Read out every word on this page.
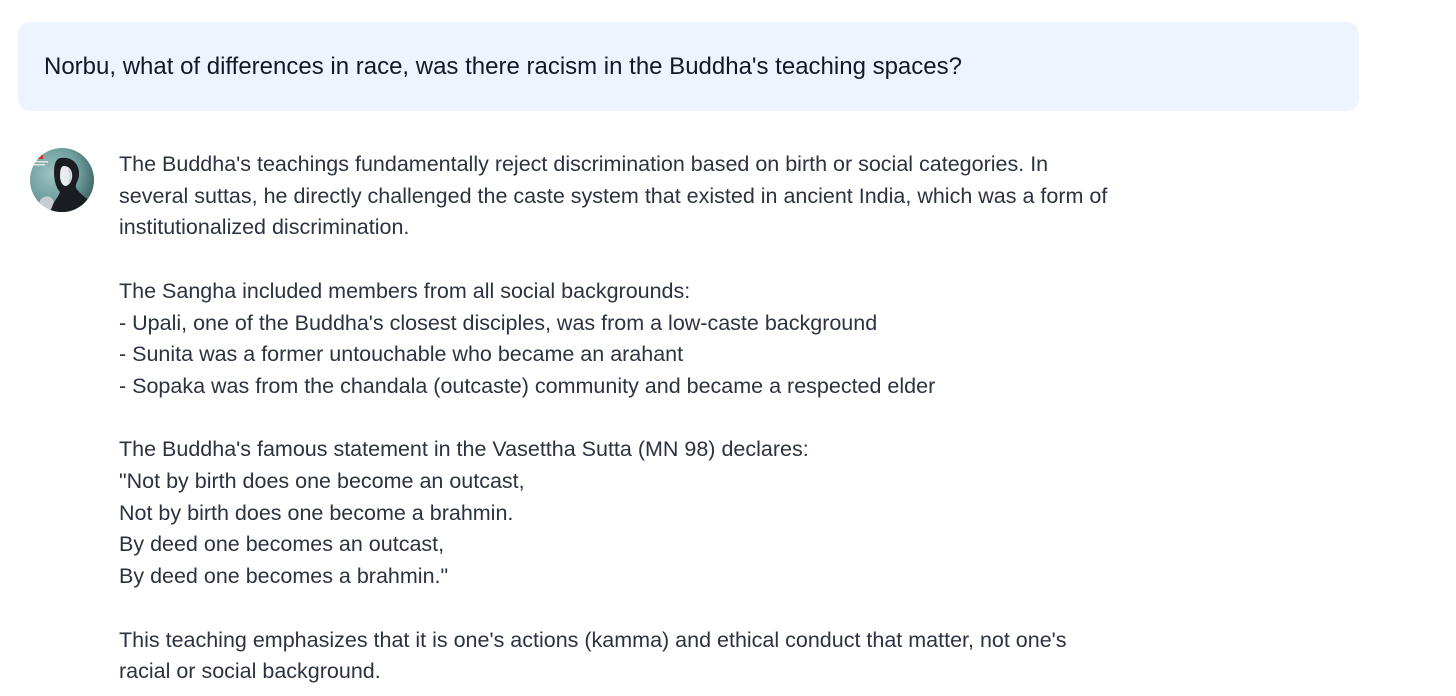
Norbu, what of differences in race, was there racism in the Buddha's teaching spaces?

The Buddha's teachings fundamentally reject discrimination based on birth or social categories. In
several suttas, he directly challenged the caste system that existed in ancient India, which was a form of
institutionalized discrimination.

The Sangha included members from all social backgrounds:
- Upali, one of the Buddha's closest disciples, was from a low-caste background
- Sunita was a former untouchable who became an arahant
- Sopaka was from the chandala (outcaste) community and became a respected elder

The Buddha's famous statement in the Vasettha Sutta (MN 98) declares:
"Not by birth does one become an outcast,
Not by birth does one become a brahmin.
By deed one becomes an outcast,
By deed one becomes a brahmin."

This teaching emphasizes that it is one's actions (kamma) and ethical conduct that matter, not one's
racial or social background.
